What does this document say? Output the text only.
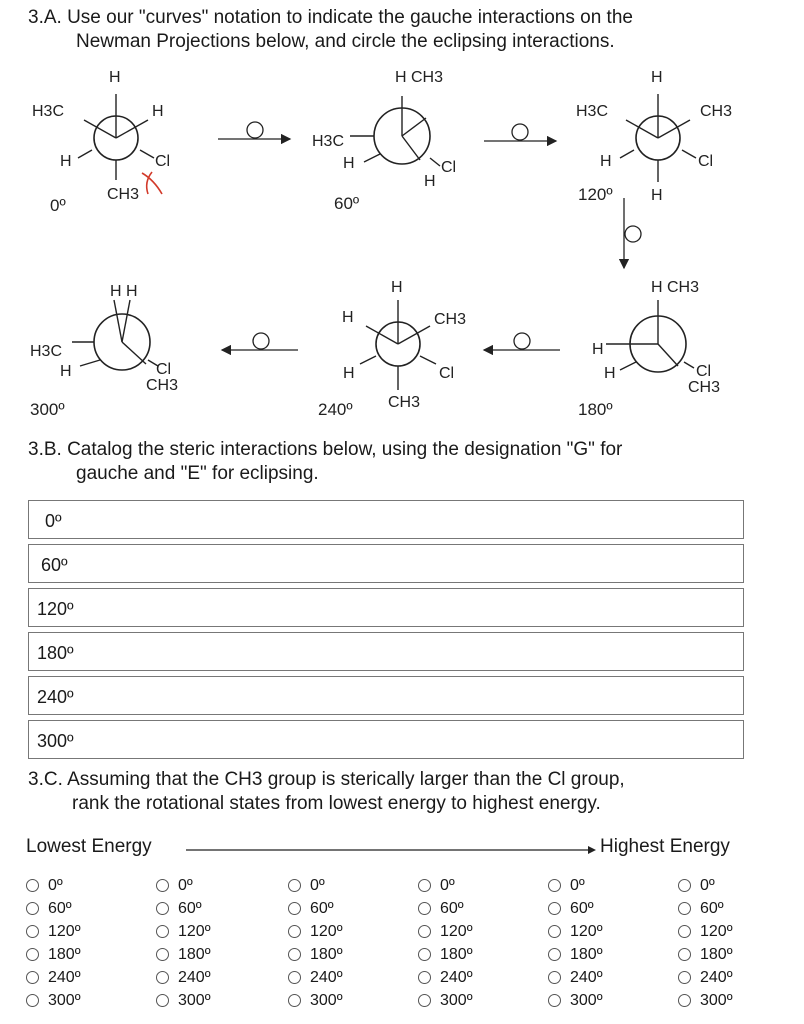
3.A. Use our "curves" notation to indicate the gauche interactions on the
Newman Projections below, and circle the eclipsing interactions.
H
H3C	H
H	Cl
CH3
0º
H CH3
H3C
H	Cl
H
60º
H
H3C	CH3
H	Cl
H
120º
H CH3
H
H	Cl
CH3
180º
H
H	CH3
H	Cl
CH3
240º
H H
H3C
H	Cl
CH3
300º
3.B. Catalog the steric interactions below, using the designation "G" for
gauche and "E" for eclipsing.
0º
60º
120º
180º
240º
300º
3.C. Assuming that the CH3 group is sterically larger than the Cl group,
rank the rotational states from lowest energy to highest energy.
Lowest Energy	Highest Energy
0º
60º
120º
180º
240º
300º
0º
60º
120º
180º
240º
300º
0º
60º
120º
180º
240º
300º
0º
60º
120º
180º
240º
300º
0º
60º
120º
180º
240º
300º
0º
60º
120º
180º
240º
300º
